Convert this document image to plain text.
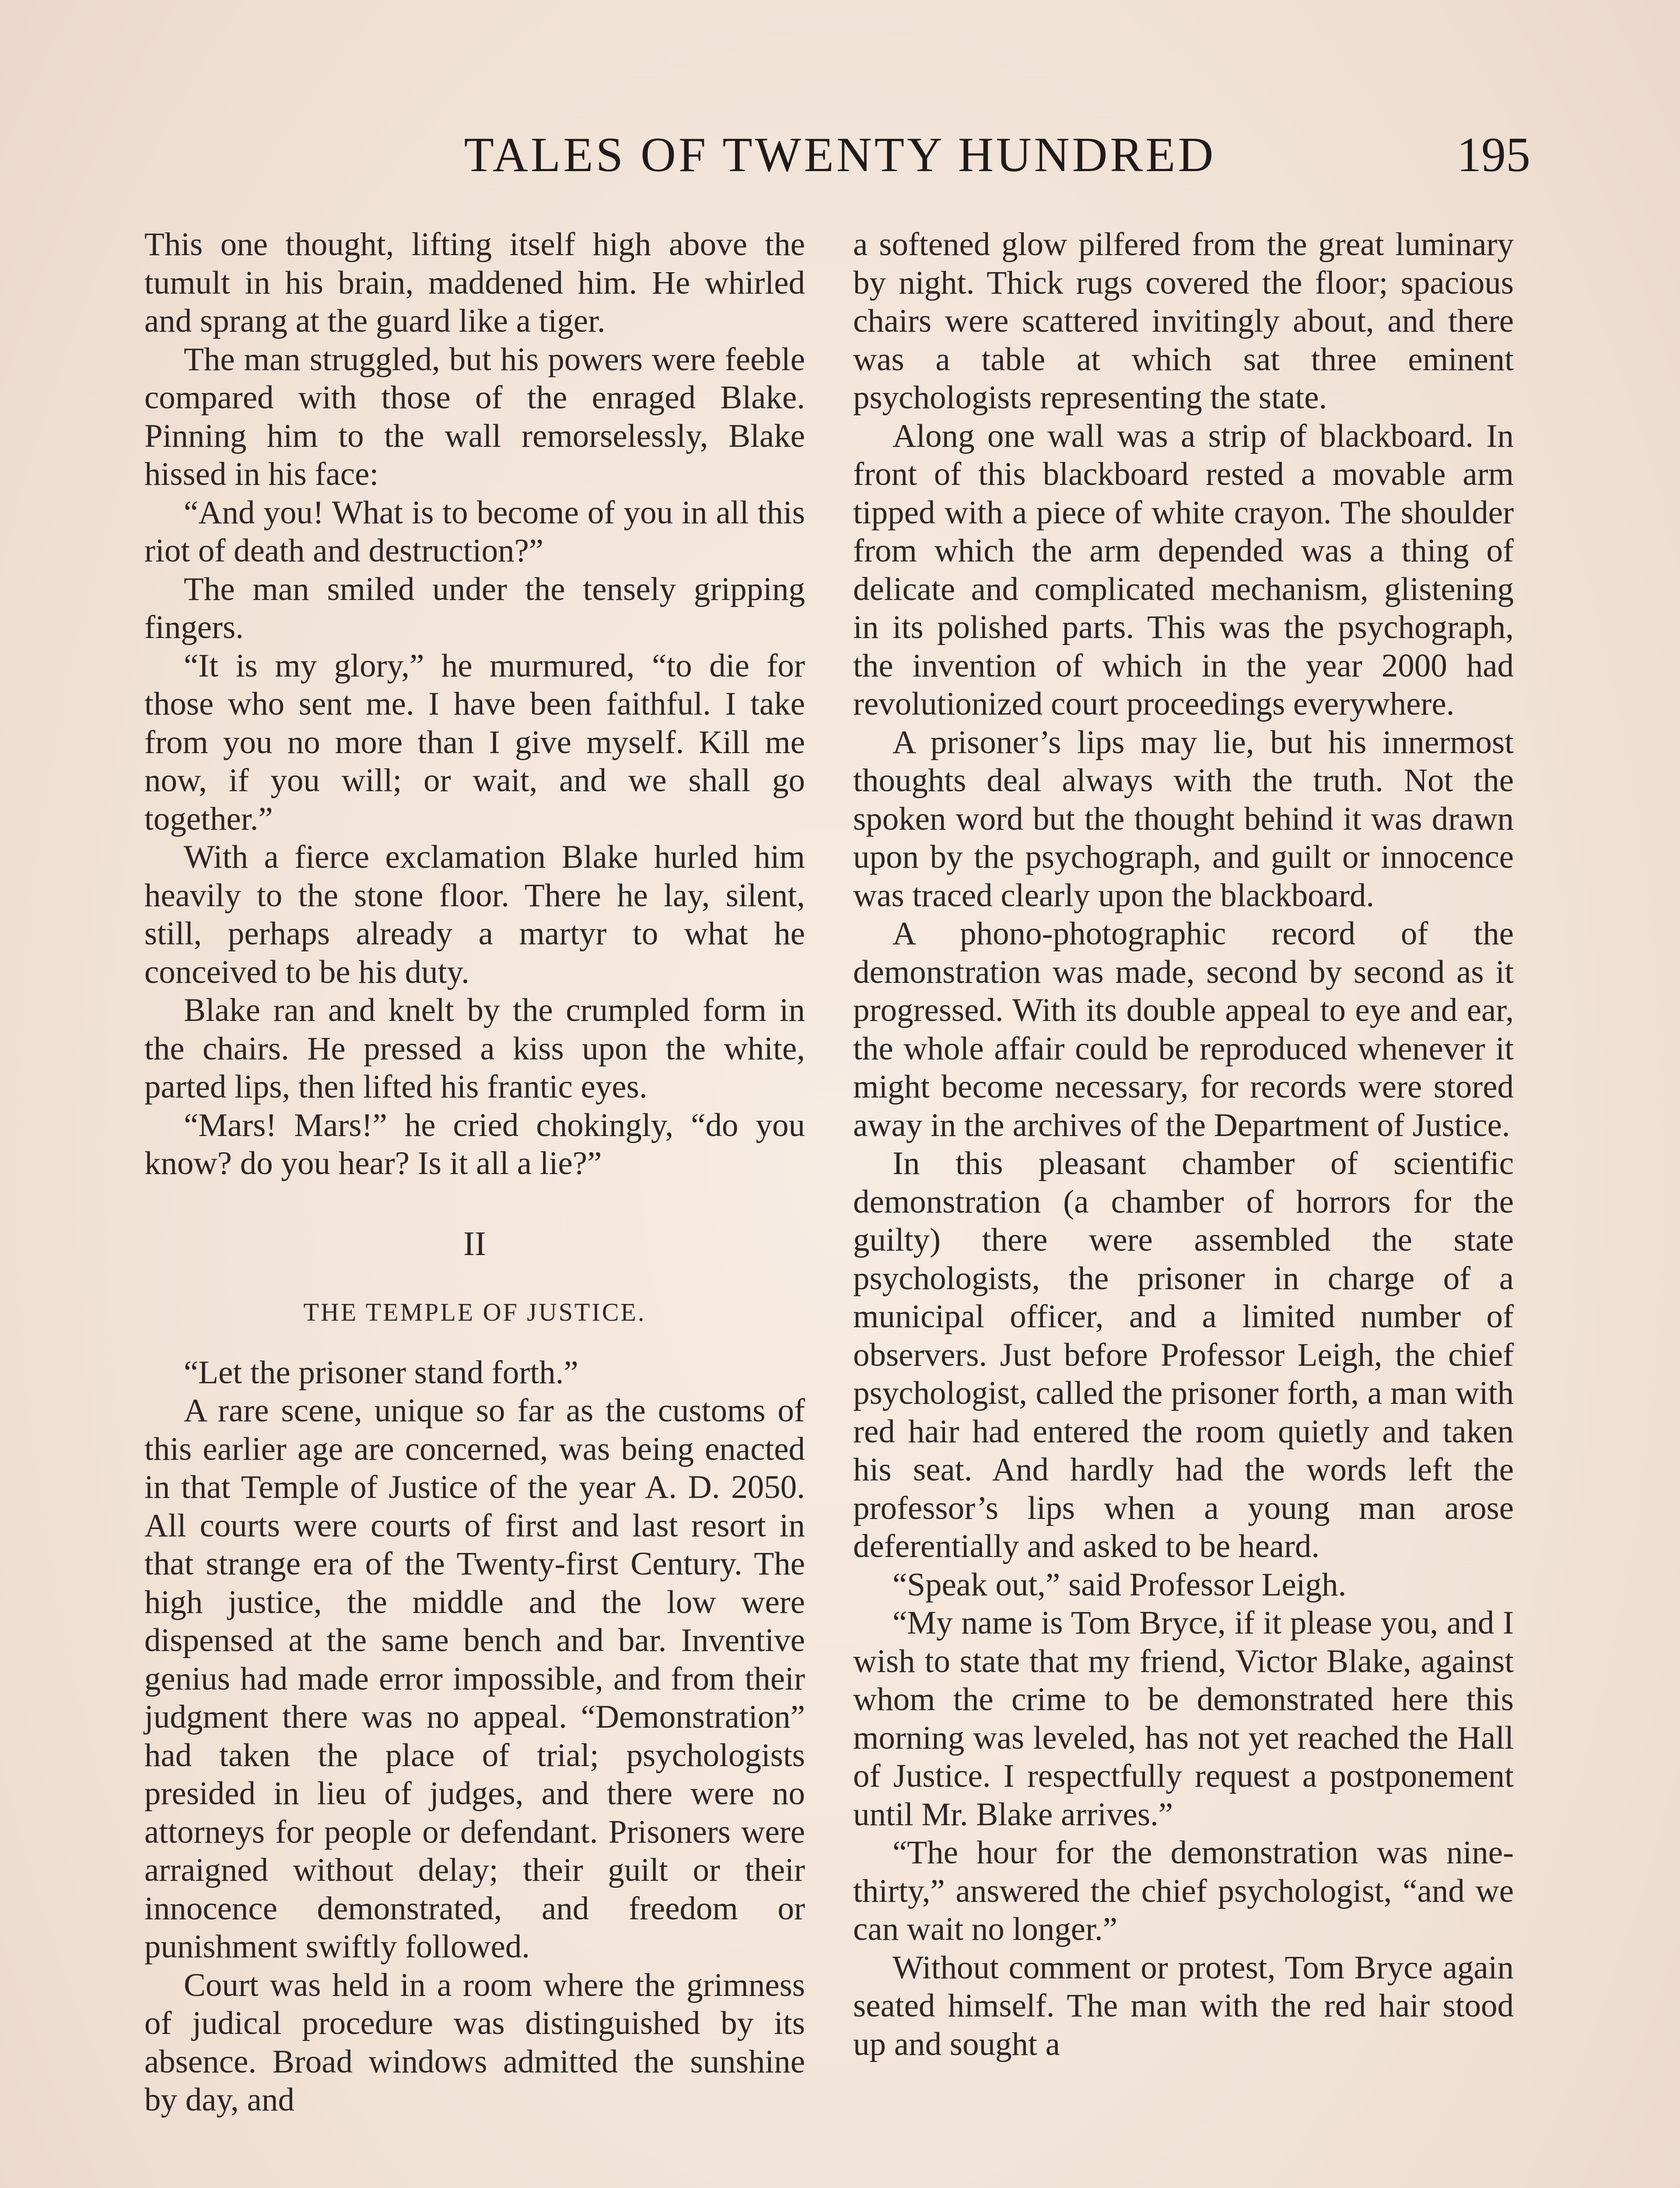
TALES OF TWENTY HUNDRED	195

This one thought, lifting itself high above the tumult in his brain, maddened him. He whirled and sprang at the guard like a tiger.

The man struggled, but his powers were feeble compared with those of the enraged Blake. Pinning him to the wall remorselessly, Blake hissed in his face:

“And you! What is to become of you in all this riot of death and destruction?”

The man smiled under the tensely gripping fingers.

“It is my glory,” he murmured, “to die for those who sent me. I have been faithful. I take from you no more than I give myself. Kill me now, if you will; or wait, and we shall go together.”

With a fierce exclamation Blake hurled him heavily to the stone floor. There he lay, silent, still, perhaps already a martyr to what he conceived to be his duty.

Blake ran and knelt by the crumpled form in the chairs. He pressed a kiss upon the white, parted lips, then lifted his frantic eyes.

“Mars! Mars!” he cried chokingly, “do you know? do you hear? Is it all a lie?”

II

THE TEMPLE OF JUSTICE.

“Let the prisoner stand forth.”

A rare scene, unique so far as the customs of this earlier age are concerned, was being enacted in that Temple of Justice of the year A. D. 2050. All courts were courts of first and last resort in that strange era of the Twenty-first Century. The high justice, the middle and the low were dispensed at the same bench and bar. Inventive genius had made error impossible, and from their judgment there was no appeal. “Demonstration” had taken the place of trial; psychologists presided in lieu of judges, and there were no attorneys for people or defendant. Prisoners were arraigned without delay; their guilt or their innocence demonstrated, and freedom or punishment swiftly followed.

Court was held in a room where the grimness of judical procedure was distinguished by its absence. Broad windows admitted the sunshine by day, and

a softened glow pilfered from the great luminary by night. Thick rugs covered the floor; spacious chairs were scattered invitingly about, and there was a table at which sat three eminent psychologists representing the state.

Along one wall was a strip of blackboard. In front of this blackboard rested a movable arm tipped with a piece of white crayon. The shoulder from which the arm depended was a thing of delicate and complicated mechanism, glistening in its polished parts. This was the psychograph, the invention of which in the year 2000 had revolutionized court proceedings everywhere.

A prisoner’s lips may lie, but his innermost thoughts deal always with the truth. Not the spoken word but the thought behind it was drawn upon by the psychograph, and guilt or innocence was traced clearly upon the blackboard.

A phono-photographic record of the demonstration was made, second by second as it progressed. With its double appeal to eye and ear, the whole affair could be reproduced whenever it might become necessary, for records were stored away in the archives of the Department of Justice.

In this pleasant chamber of scientific demonstration (a chamber of horrors for the guilty) there were assembled the state psychologists, the prisoner in charge of a municipal officer, and a limited number of observers. Just before Professor Leigh, the chief psychologist, called the prisoner forth, a man with red hair had entered the room quietly and taken his seat. And hardly had the words left the professor’s lips when a young man arose deferentially and asked to be heard.

“Speak out,” said Professor Leigh.

“My name is Tom Bryce, if it please you, and I wish to state that my friend, Victor Blake, against whom the crime to be demonstrated here this morning was leveled, has not yet reached the Hall of Justice. I respectfully request a postponement until Mr. Blake arrives.”

“The hour for the demonstration was nine-thirty,” answered the chief psychologist, “and we can wait no longer.”

Without comment or protest, Tom Bryce again seated himself. The man with the red hair stood up and sought a
